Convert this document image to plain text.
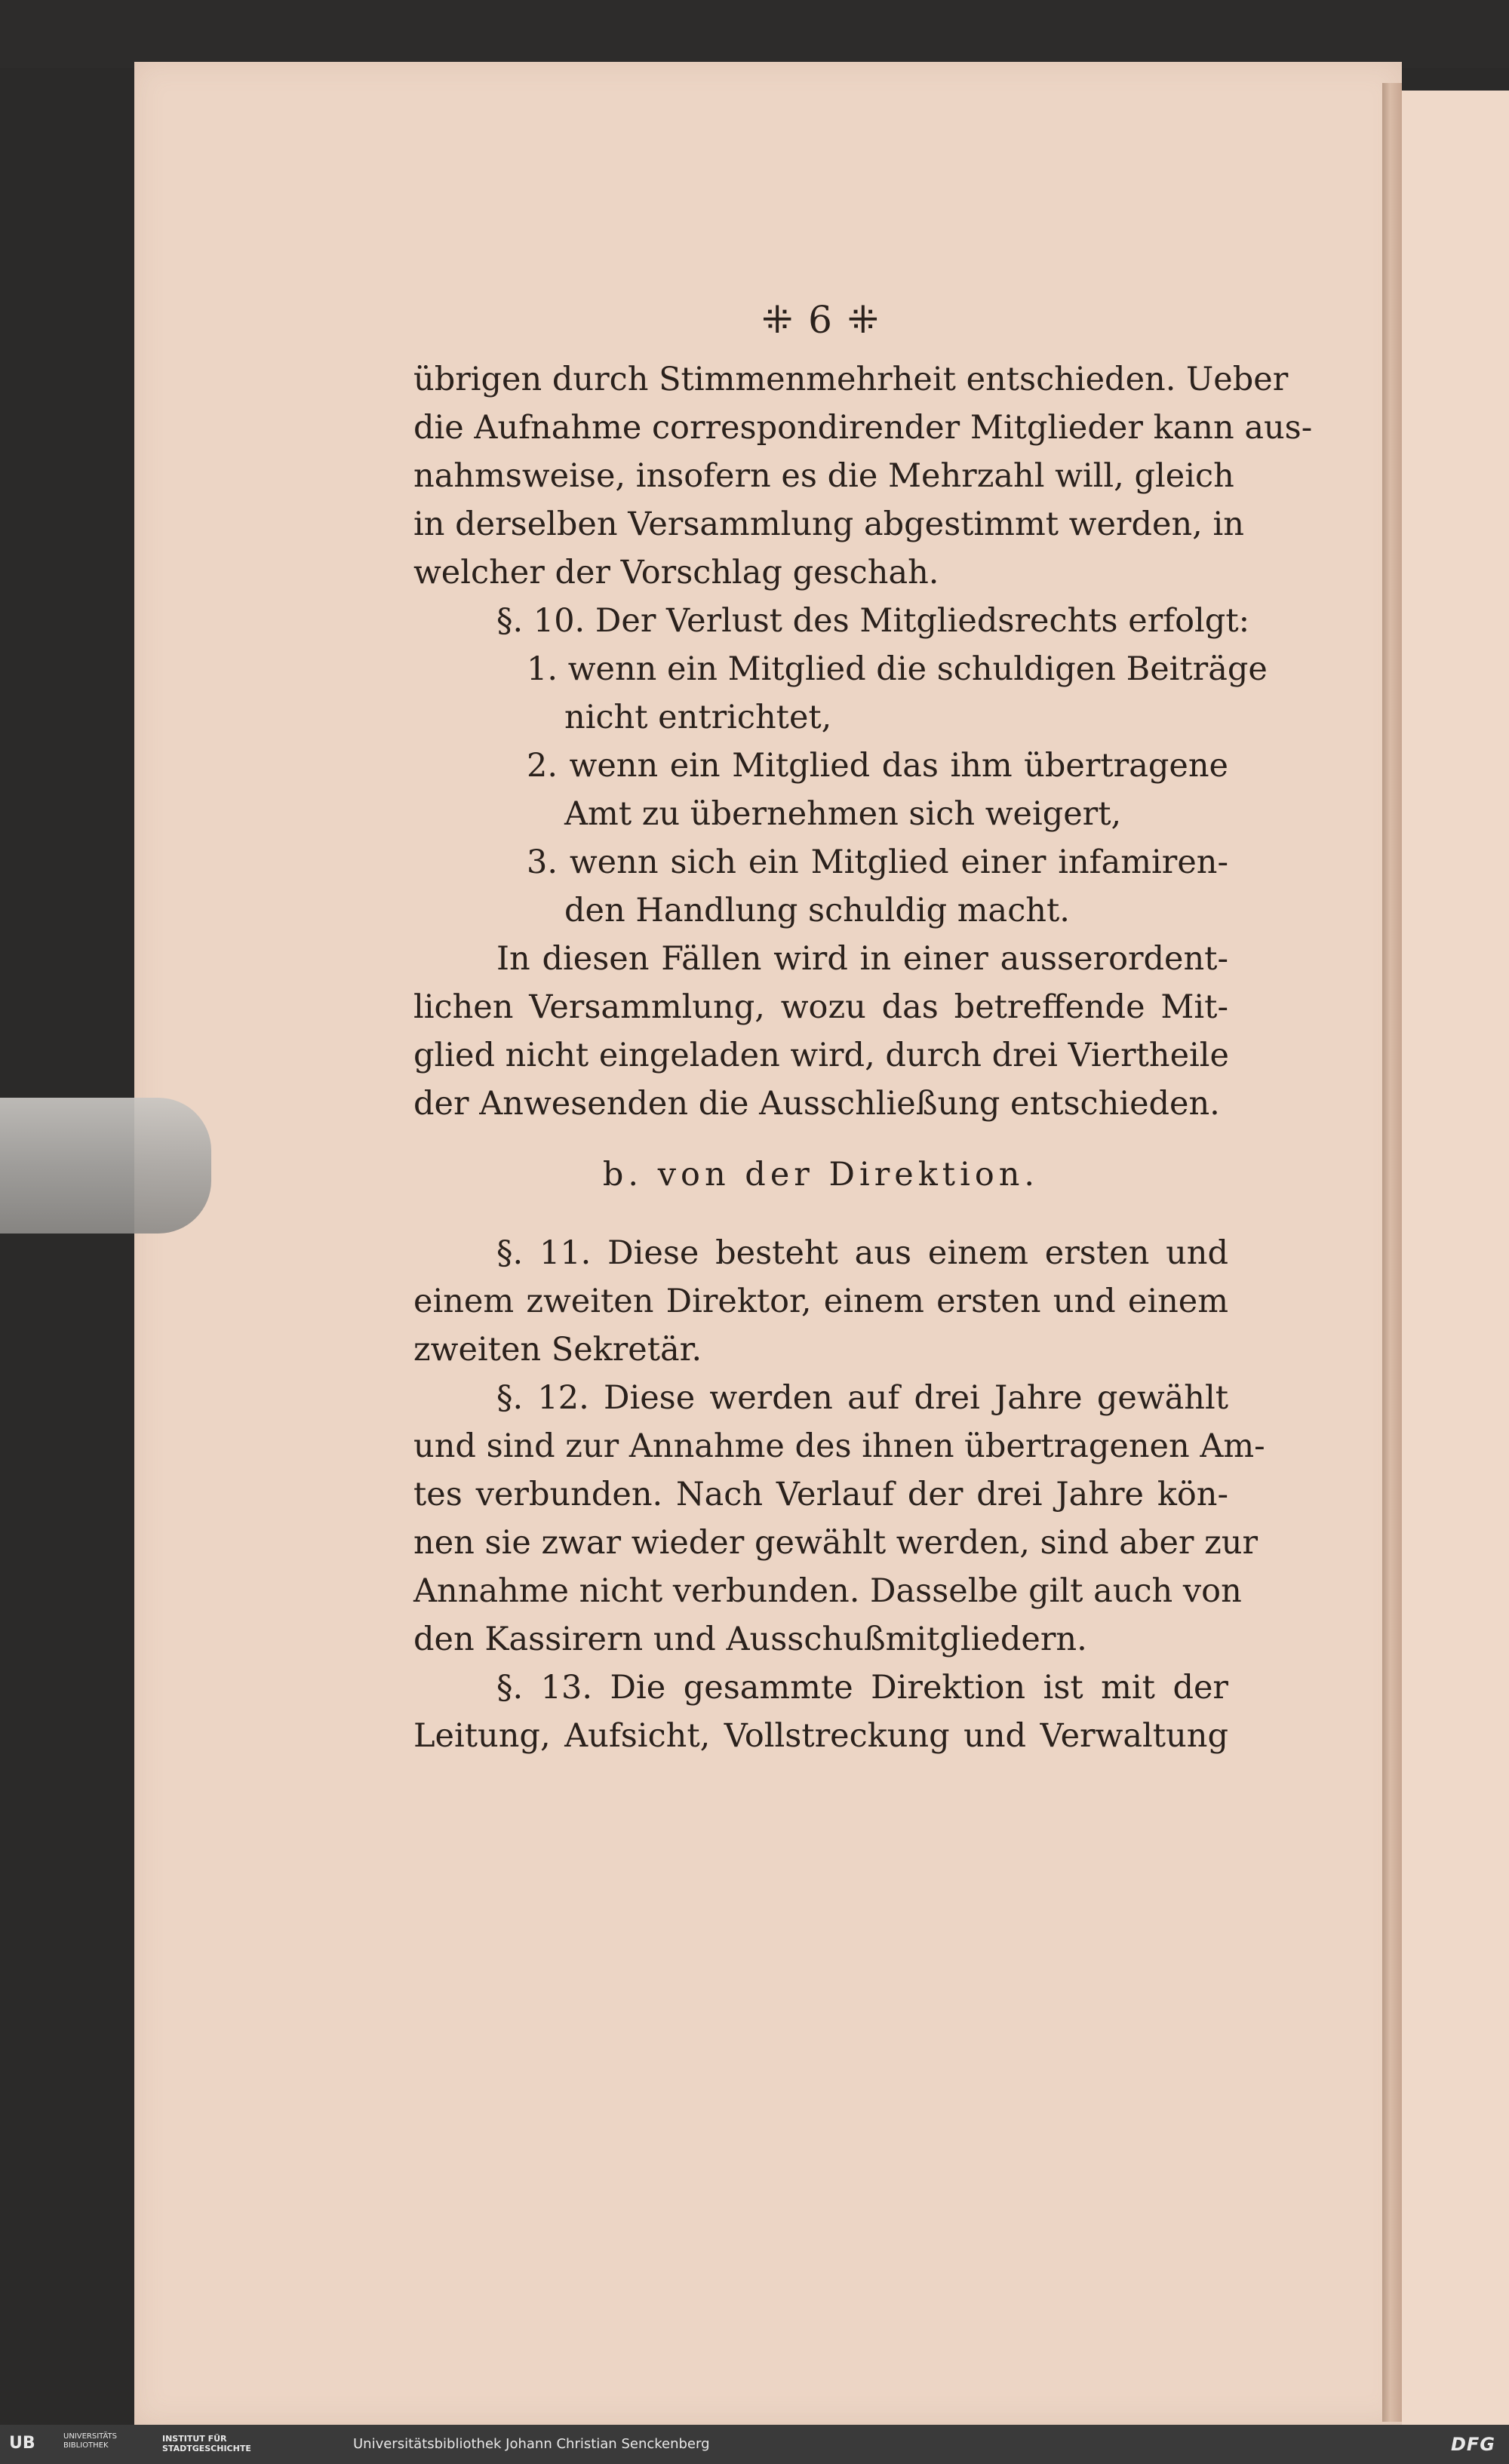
⁜ 6 ⁜
übrigen durch Stimmenmehrheit entschieden. Ueber
die Aufnahme correspondirender Mitglieder kann aus-
nahmsweise, insofern es die Mehrzahl will, gleich
in derselben Versammlung abgestimmt werden, in
welcher der Vorschlag geschah.
§. 10. Der Verlust des Mitgliedsrechts erfolgt:
1. wenn ein Mitglied die schuldigen Beiträge
nicht entrichtet,
2. wenn ein Mitglied das ihm übertragene
Amt zu übernehmen sich weigert,
3. wenn sich ein Mitglied einer infamiren-
den Handlung schuldig macht.
In diesen Fällen wird in einer ausserordent-
lichen Versammlung, wozu das betreffende Mit-
glied nicht eingeladen wird, durch drei Viertheile
der Anwesenden die Ausschließung entschieden.
b. von der Direktion.
§. 11. Diese besteht aus einem ersten und
einem zweiten Direktor, einem ersten und einem
zweiten Sekretär.
§. 12. Diese werden auf drei Jahre gewählt
und sind zur Annahme des ihnen übertragenen Am-
tes verbunden. Nach Verlauf der drei Jahre kön-
nen sie zwar wieder gewählt werden, sind aber zur
Annahme nicht verbunden. Dasselbe gilt auch von
den Kassirern und Ausschußmitgliedern.
§. 13. Die gesammte Direktion ist mit der
Leitung, Aufsicht, Vollstreckung und Verwaltung
UB	UNIVERSITÄTS BIBLIOTHEK
INSTITUT FÜR STADTGESCHICHTE	Universitätsbibliothek Johann Christian Senckenberg	DFG
